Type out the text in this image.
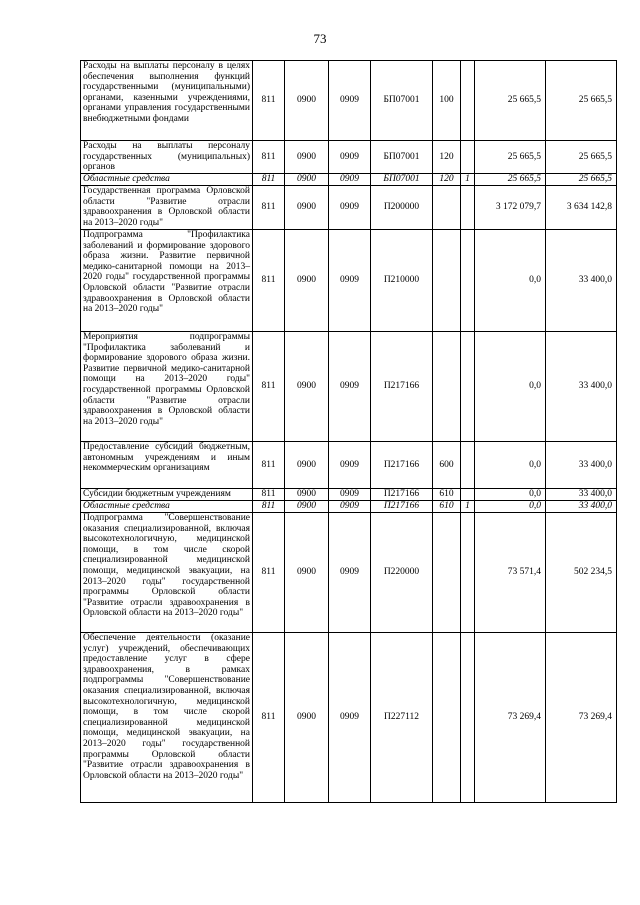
73
Расходы на выплаты персоналу в целях обеспечения выполнения функций государственными (муниципальными) органами, казенными учреждениями, органами управления государственными внебюджетными фондами	811	0900	0909	БП07001	100		25 665,5	25 665,5
Расходы на выплаты персоналу государственных (муниципальных) органов	811	0900	0909	БП07001	120		25 665,5	25 665,5
Областные средства	811	0900	0909	БП07001	120	1	25 665,5	25 665,5
Государственная программа Орловской области "Развитие отрасли здравоохранения в Орловской области на 2013–2020 годы"	811	0900	0909	П200000			3 172 079,7	3 634 142,8
Подпрограмма "Профилактика заболеваний и формирование здорового образа жизни. Развитие первичной медико-санитарной помощи на 2013–2020 годы" государственной программы Орловской области "Развитие отрасли здравоохранения в Орловской области на 2013–2020 годы"	811	0900	0909	П210000			0,0	33 400,0
Мероприятия подпрограммы "Профилактика заболеваний и формирование здорового образа жизни. Развитие первичной медико-санитарной помощи на 2013–2020 годы" государственной программы Орловской области "Развитие отрасли здравоохранения в Орловской области на 2013–2020 годы"	811	0900	0909	П217166			0,0	33 400,0
Предоставление субсидий бюджетным, автономным учреждениям и иным некоммерческим организациям	811	0900	0909	П217166	600		0,0	33 400,0
Субсидии бюджетным учреждениям	811	0900	0909	П217166	610		0,0	33 400,0
Областные средства	811	0900	0909	П217166	610	1	0,0	33 400,0
Подпрограмма "Совершенствование оказания специализированной, включая высокотехнологичную, медицинской помощи, в том числе скорой специализированной медицинской помощи, медицинской эвакуации, на 2013–2020 годы" государственной программы Орловской области "Развитие отрасли здравоохранения в Орловской области на 2013–2020 годы"	811	0900	0909	П220000			73 571,4	502 234,5
Обеспечение деятельности (оказание услуг) учреждений, обеспечивающих предоставление услуг в сфере здравоохранения, в рамках подпрограммы "Совершенствование оказания специализированной, включая высокотехнологичную, медицинской помощи, в том числе скорой специализированной медицинской помощи, медицинской эвакуации, на 2013–2020 годы" государственной программы Орловской области "Развитие отрасли здравоохранения в Орловской области на 2013–2020 годы"	811	0900	0909	П227112			73 269,4	73 269,4
